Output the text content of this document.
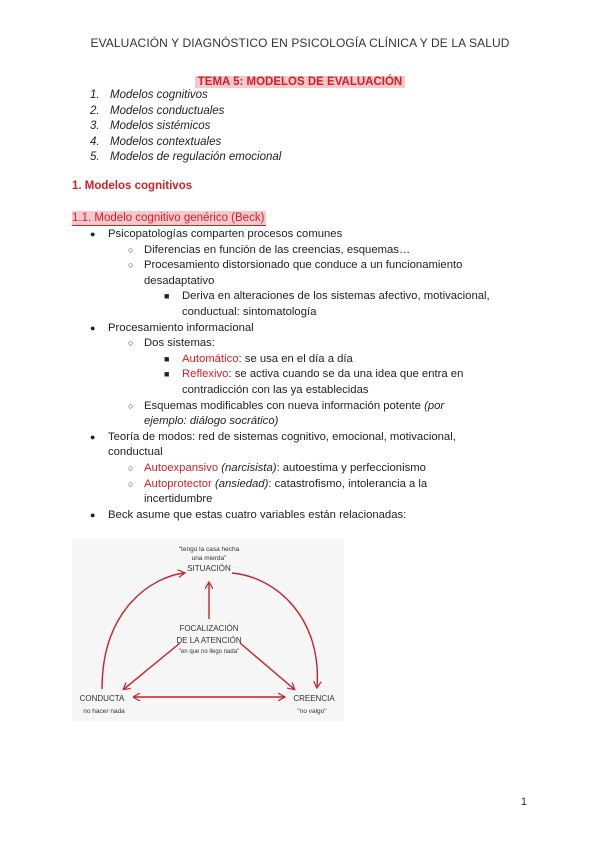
EVALUACIÓN Y DIAGNÓSTICO EN PSICOLOGÍA CLÍNICA Y DE LA SALUD
TEMA 5: MODELOS DE EVALUACIÓN
1. Modelos cognitivos
2. Modelos conductuales
3. Modelos sistémicos
4. Modelos contextuales
5. Modelos de regulación emocional
1. Modelos cognitivos
1.1. Modelo cognitivo genérico (Beck)
● Psicopatologías comparten procesos comunes
○ Diferencias en función de las creencias, esquemas…
○ Procesamiento distorsionado que conduce a un funcionamiento
desadaptativo
■ Deriva en alteraciones de los sistemas afectivo, motivacional,
conductual: sintomatología
● Procesamiento informacional
○ Dos sistemas:
■ Automático: se usa en el día a día
■ Reflexivo: se activa cuando se da una idea que entra en
contradicción con las ya establecidas
○ Esquemas modificables con nueva información potente (por
ejemplo: diálogo socrático)
● Teoría de modos: red de sistemas cognitivo, emocional, motivacional,
conductual
○ Autoexpansivo (narcisista): autoestima y perfeccionismo
○ Autoprotector (ansiedad): catastrofismo, intolerancia a la
incertidumbre
● Beck asume que estas cuatro variables están relacionadas:
"tengo la casa hecha
una mierda"
SITUACIÓN
FOCALIZACIÓN
DE LA ATENCIÓN
"en que no llego nada"
CONDUCTA
no hacer nada
CREENCIA
"no valgo"
1
